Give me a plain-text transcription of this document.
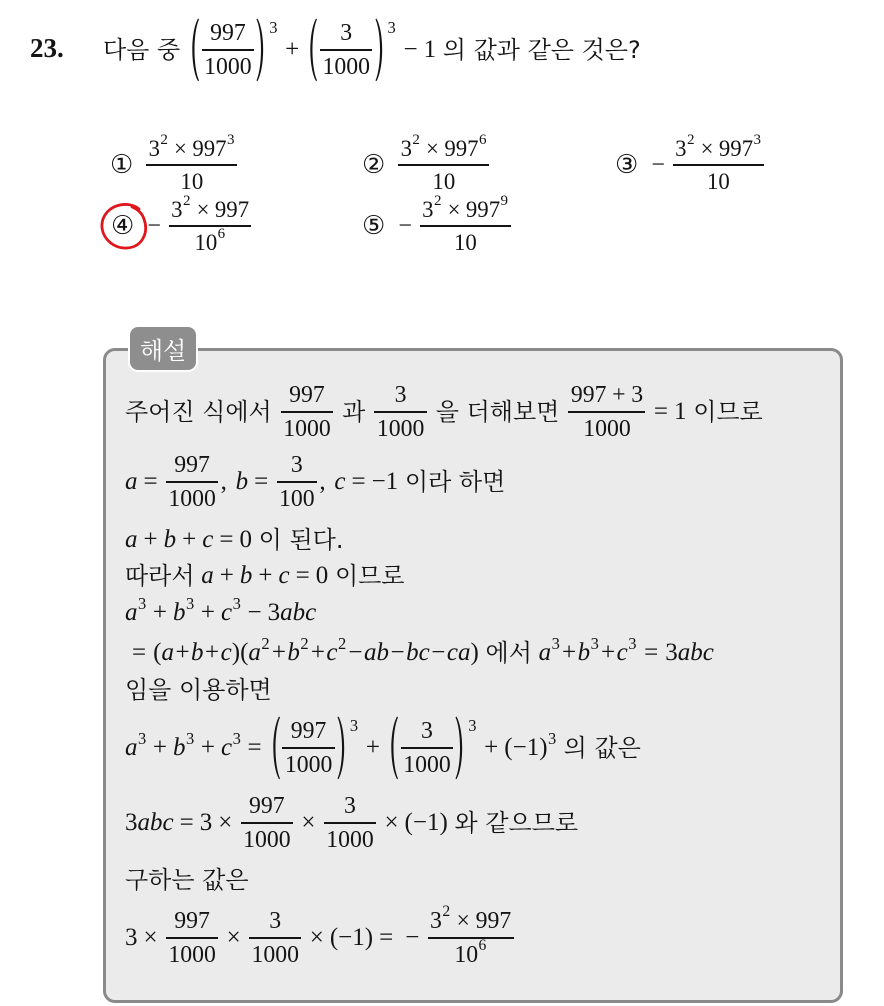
23. 다음 중 $\frac{997}{1000} 3$
+ $\frac{3}{1000} 3$
− 1 의 값과 같은 것은?
① $\frac{3 2 \times 997 3}{10}$	② $\frac{3 2 \times 997 6}{10}$	③ − $\frac{3 2 \times 997 3}{10}$
④ − $\frac{3 2 \times 997}{10 6}$	⑤ − $\frac{3 2 \times 997 9}{10}$
해설
주어진 식에서 $\frac{997}{1000}$ 과 $\frac{3}{1000}$ 을 더해보면 $\frac{997 + 3}{1000} = 1$ 이므로
$a = \frac{997}{1000}$ , $b = \frac{3}{100}$ , c = −1 이라 하면
a + b + c = 0 이 된다.
따라서 a + b + c = 0 이므로
a 3 + b 3 + c 3 − 3 abc
= ( a + b + c )( a 2 + b 2 + c 2 − ab − bc − ca ) 에서 a 3 + b 3 + c 3 = 3 abc
임을 이용하면
a 3 + b 3 + c $3 = \frac{997}{1000} 3$
+ $\frac{3}{1000} 3$
+ (−1) 3 의 값은
3 abc = $3 \times \frac{997}{1000} \times \frac{3}{1000} \times (-1)$ 와 같으므로
구하는 값은
$3 \times \frac{997}{1000} \times \frac{3}{1000} \times (-1)$ = − $\frac{3 2 \times 997}{10 6}$
